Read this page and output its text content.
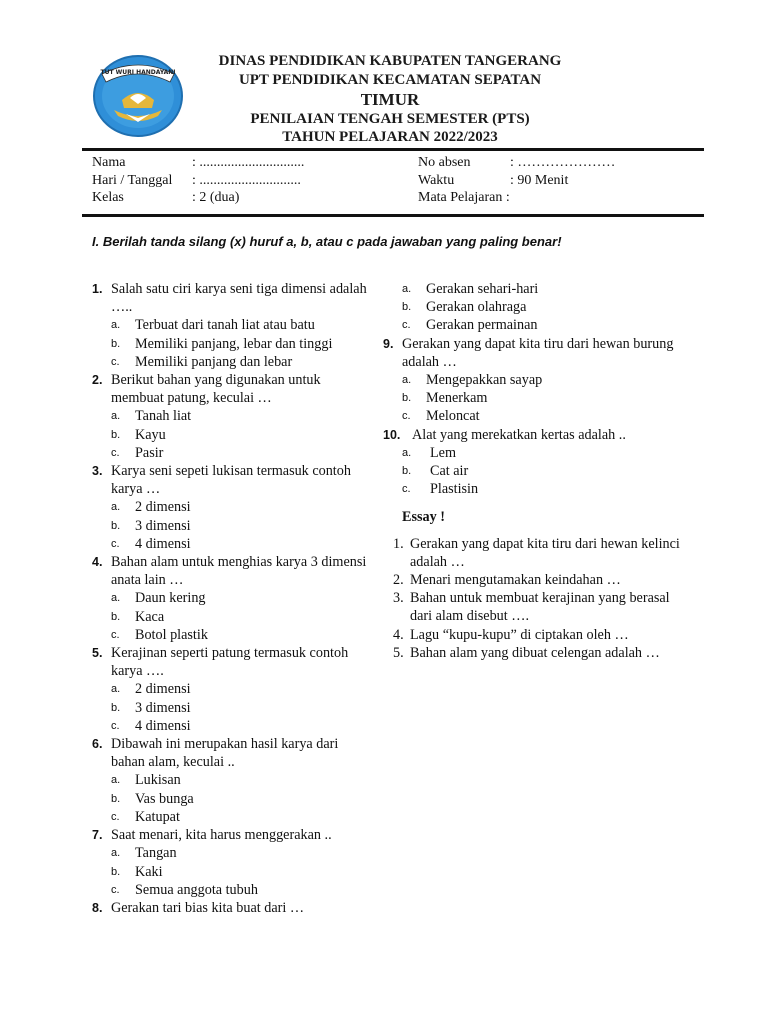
TUT WURI HANDAYANI
DINAS PENDIDIKAN KABUPATEN TANGERANG
UPT PENDIDIKAN KECAMATAN SEPATAN
TIMUR
PENILAIAN TENGAH SEMESTER (PTS)
TAHUN PELAJARAN 2022/2023
Nama	: ..............................	No absen	: …………………
Hari / Tanggal : .............................	Waktu	: 90 Menit
Kelas	: 2 (dua)	Mata Pelajaran :
I. Berilah tanda silang (x) huruf a, b, atau c pada jawaban yang paling benar!
1. Salah satu ciri karya seni tiga dimensi adalah …..
a. Terbuat dari tanah liat atau batu
b. Memiliki panjang, lebar dan tinggi
c. Memiliki panjang dan lebar
2. Berikut bahan yang digunakan untuk membuat patung, keculai …
a. Tanah liat
b. Kayu
c. Pasir
3. Karya seni sepeti lukisan termasuk contoh karya …
a. 2 dimensi
b. 3 dimensi
c. 4 dimensi
4. Bahan alam untuk menghias karya 3 dimensi anata lain …
a. Daun kering
b. Kaca
c. Botol plastik
5. Kerajinan seperti patung termasuk contoh karya ….
a. 2 dimensi
b. 3 dimensi
c. 4 dimensi
6. Dibawah ini merupakan hasil karya dari bahan alam, keculai ..
a. Lukisan
b. Vas bunga
c. Katupat
7. Saat menari, kita harus menggerakan ..
a. Tangan
b. Kaki
c. Semua anggota tubuh
8. Gerakan tari bias kita buat dari …
a. Gerakan sehari-hari
b. Gerakan olahraga
c. Gerakan permainan
9. Gerakan yang dapat kita tiru dari hewan burung adalah …
a. Mengepakkan sayap
b. Menerkam
c. Meloncat
10. Alat yang merekatkan kertas adalah ..
a. Lem
b. Cat air
c. Plastisin
Essay !
1. Gerakan yang dapat kita tiru dari hewan kelinci adalah …
2. Menari mengutamakan keindahan …
3. Bahan untuk membuat kerajinan yang berasal dari alam disebut ….
4. Lagu “kupu-kupu” di ciptakan oleh …
5. Bahan alam yang dibuat celengan adalah …
